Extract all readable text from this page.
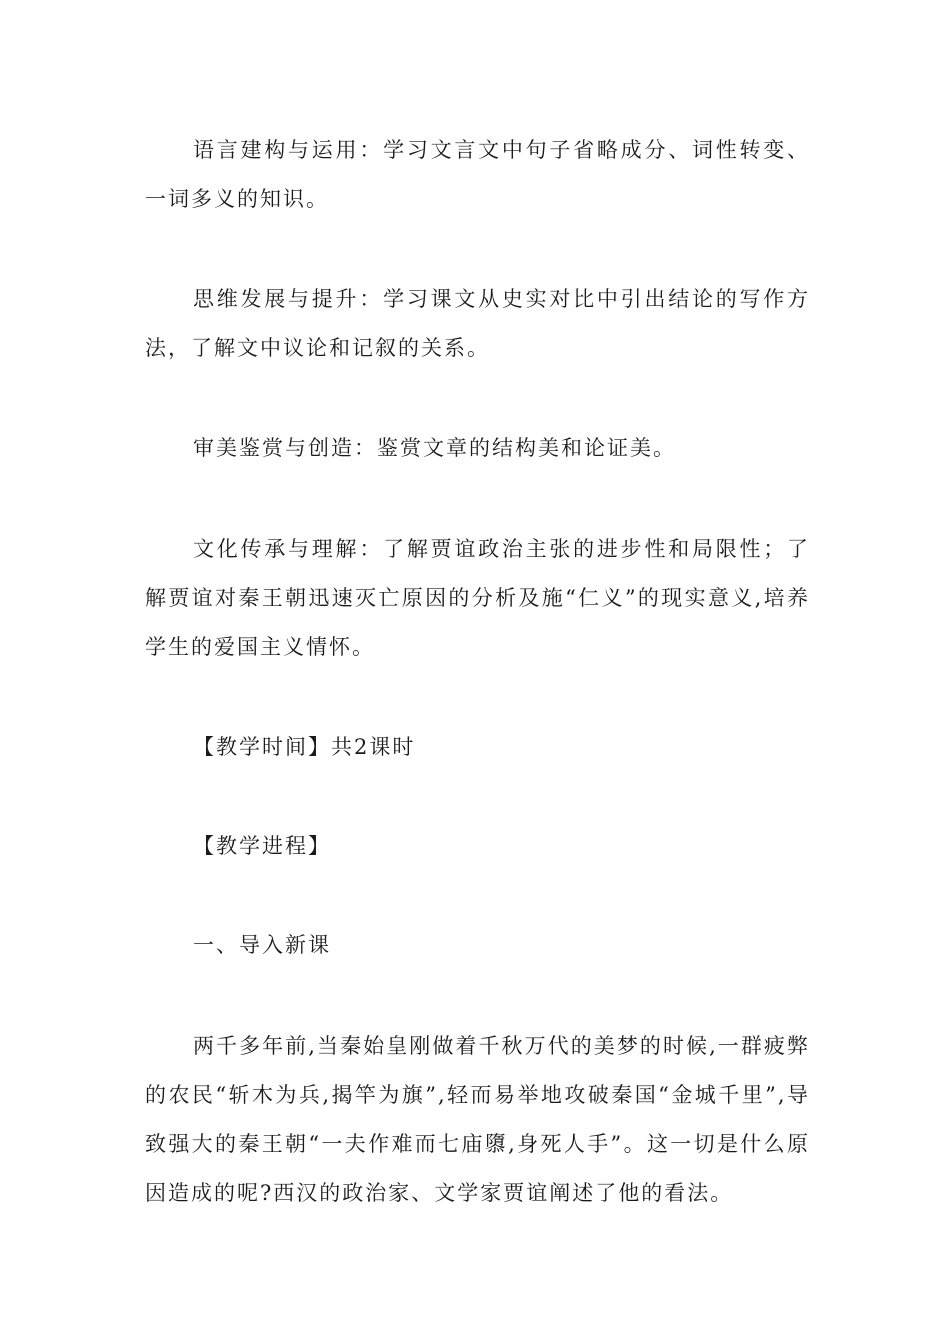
语言建构与运用：学习文言文中句子省略成分、词性转变、一词多义的知识。

思维发展与提升：学习课文从史实对比中引出结论的写作方法，了解文中议论和记叙的关系。

审美鉴赏与创造：鉴赏文章的结构美和论证美。

文化传承与理解：了解贾谊政治主张的进步性和局限性；了解贾谊对秦王朝迅速灭亡原因的分析及施“仁义”的现实意义,培养学生的爱国主义情怀。

【教学时间】共2课时

【教学进程】

一、导入新课

两千多年前,当秦始皇刚做着千秋万代的美梦的时候,一群疲弊的农民“斩木为兵,揭竿为旗”,轻而易举地攻破秦国“金城千里”,导致强大的秦王朝“一夫作难而七庙隳,身死人手”。这一切是什么原因造成的呢?西汉的政治家、文学家贾谊阐述了他的看法。
